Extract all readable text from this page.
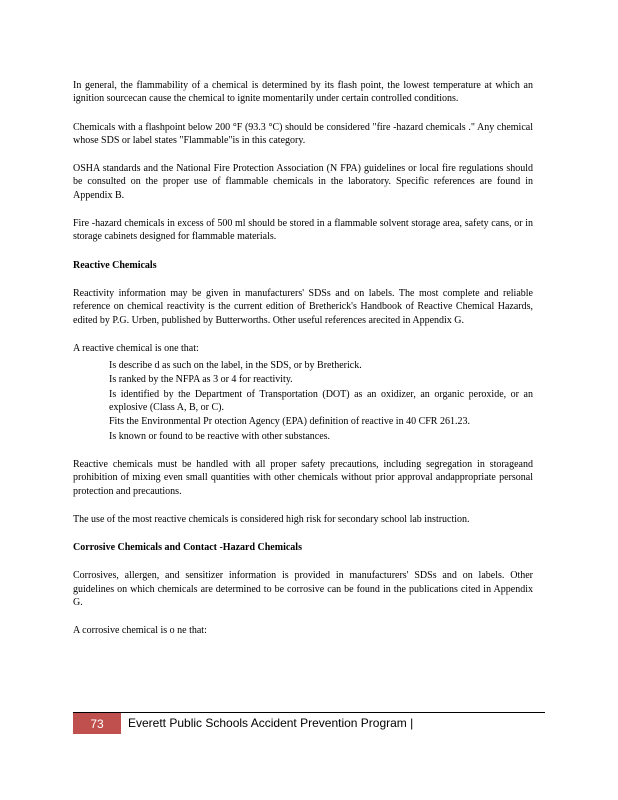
In general, the flammability of a chemical is determined by its flash point, the lowest temperature at which an ignition sourcecan cause the chemical to ignite momentarily under certain controlled conditions.

Chemicals with a flashpoint below 200 °F (93.3 °C) should be considered "fire -hazard chemicals ." Any chemical whose SDS or label states "Flammable"is in this category.

OSHA standards and the National Fire Protection Association (N FPA) guidelines or local fire regulations should be consulted on the proper use of flammable chemicals in the laboratory. Specific references are found in Appendix B.

Fire -hazard chemicals in excess of 500 ml should be stored in a flammable solvent storage area, safety cans, or in storage cabinets designed for flammable materials.

Reactive Chemicals

Reactivity information may be given in manufacturers' SDSs and on labels. The most complete and reliable reference on chemical reactivity is the current edition of Bretherick's Handbook of Reactive Chemical Hazards, edited by P.G. Urben, published by Butterworths. Other useful references arecited in Appendix G.

A reactive chemical is one that:

Is describe d as such on the label, in the SDS, or by Bretherick.
Is ranked by the NFPA as 3 or 4 for reactivity.
Is identified by the Department of Transportation (DOT) as an oxidizer, an organic peroxide, or an explosive (Class A, B, or C).
Fits the Environmental Pr otection Agency (EPA) definition of reactive in 40 CFR 261.23.
Is known or found to be reactive with other substances.

Reactive chemicals must be handled with all proper safety precautions, including segregation in storageand prohibition of mixing even small quantities with other chemicals without prior approval andappropriate personal protection and precautions.

The use of the most reactive chemicals is considered high risk for secondary school lab instruction.

Corrosive Chemicals and Contact -Hazard Chemicals

Corrosives, allergen, and sensitizer information is provided in manufacturers' SDSs and on labels. Other guidelines on which chemicals are determined to be corrosive can be found in the publications cited in Appendix G.

A corrosive chemical is o ne that:

73	Everett Public Schools Accident Prevention Program |
